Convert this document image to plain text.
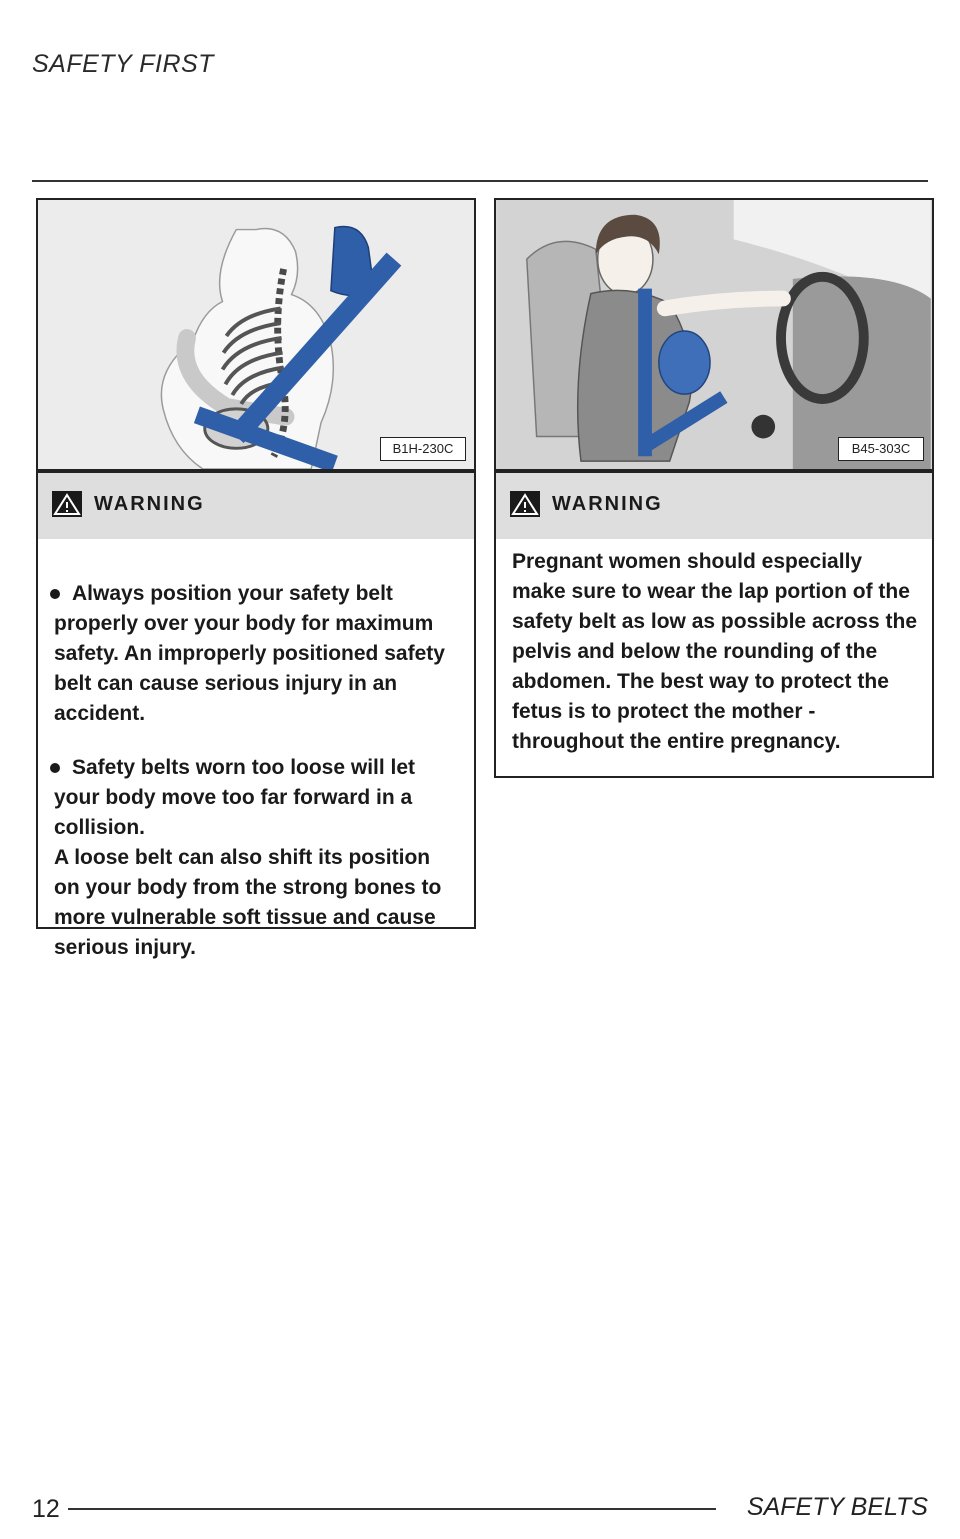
SAFETY FIRST
B1H-230C	B45-303C
WARNING
Always position your safety belt properly over your body for maximum safety. An improperly positioned safety belt can cause serious injury in an accident.
Safety belts worn too loose will let your body move too far forward in a collision.
A loose belt can also shift its position on your body from the strong bones to more vulnerable soft tissue and cause serious injury.
WARNING
Pregnant women should especially make sure to wear the lap portion of the safety belt as low as possible across the pelvis and below the rounding of the abdomen. The best way to protect the fetus is to protect the mother - throughout the entire pregnancy.
12	SAFETY BELTS
